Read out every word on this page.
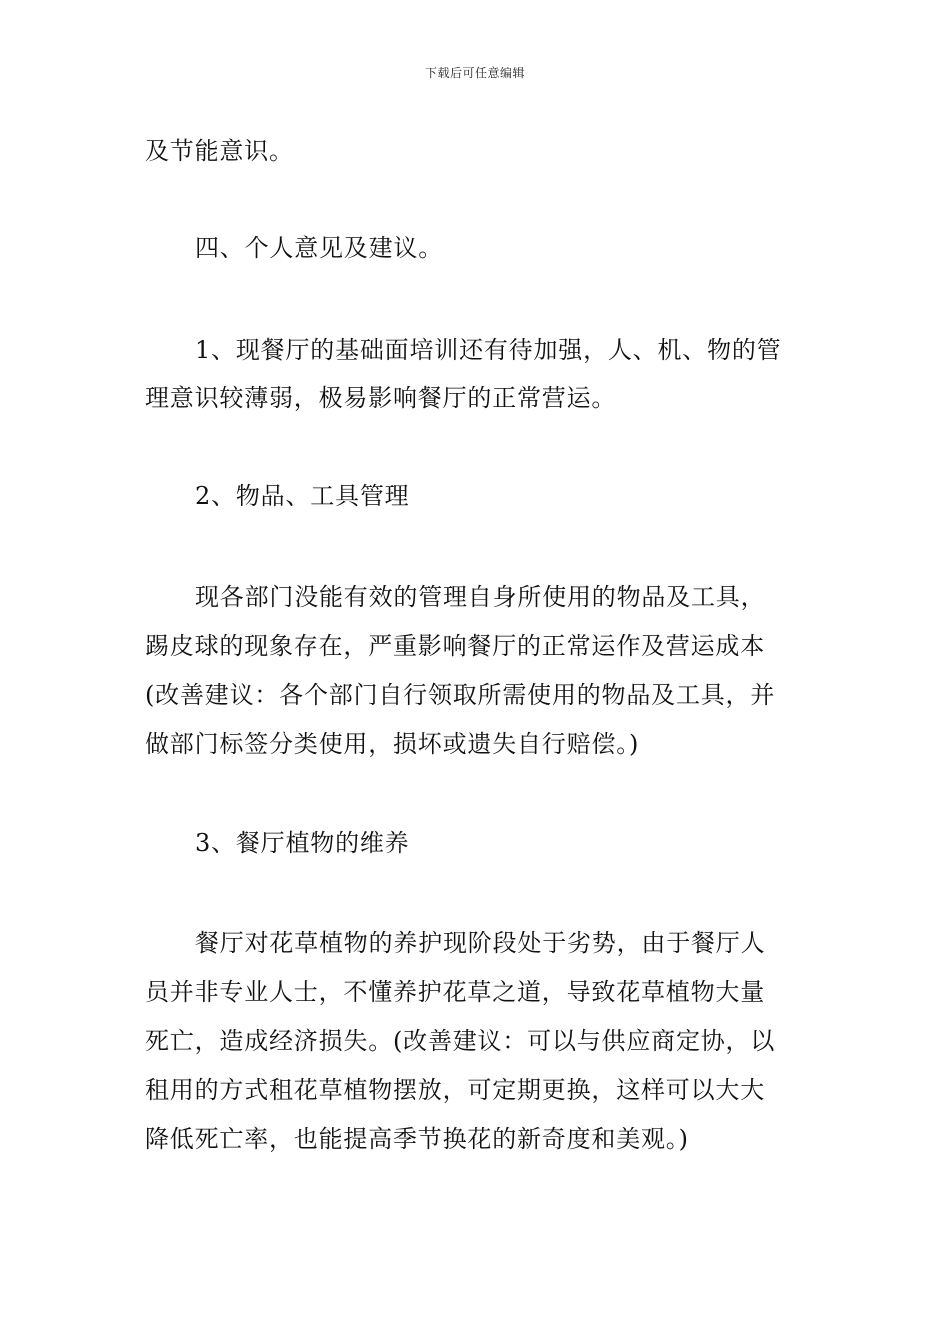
下载后可任意编辑
及节能意识。
四、个人意见及建议。
1、现餐厅的基础面培训还有待加强，人、机、物的管
理意识较薄弱，极易影响餐厅的正常营运。
2、物品、工具管理
现各部门没能有效的管理自身所使用的物品及工具，
踢皮球的现象存在，严重影响餐厅的正常运作及营运成本
(改善建议：各个部门自行领取所需使用的物品及工具，并
做部门标签分类使用，损坏或遗失自行赔偿。)
3、餐厅植物的维养
餐厅对花草植物的养护现阶段处于劣势，由于餐厅人
员并非专业人士，不懂养护花草之道，导致花草植物大量
死亡，造成经济损失。(改善建议：可以与供应商定协，以
租用的方式租花草植物摆放，可定期更换，这样可以大大
降低死亡率，也能提高季节换花的新奇度和美观。)
